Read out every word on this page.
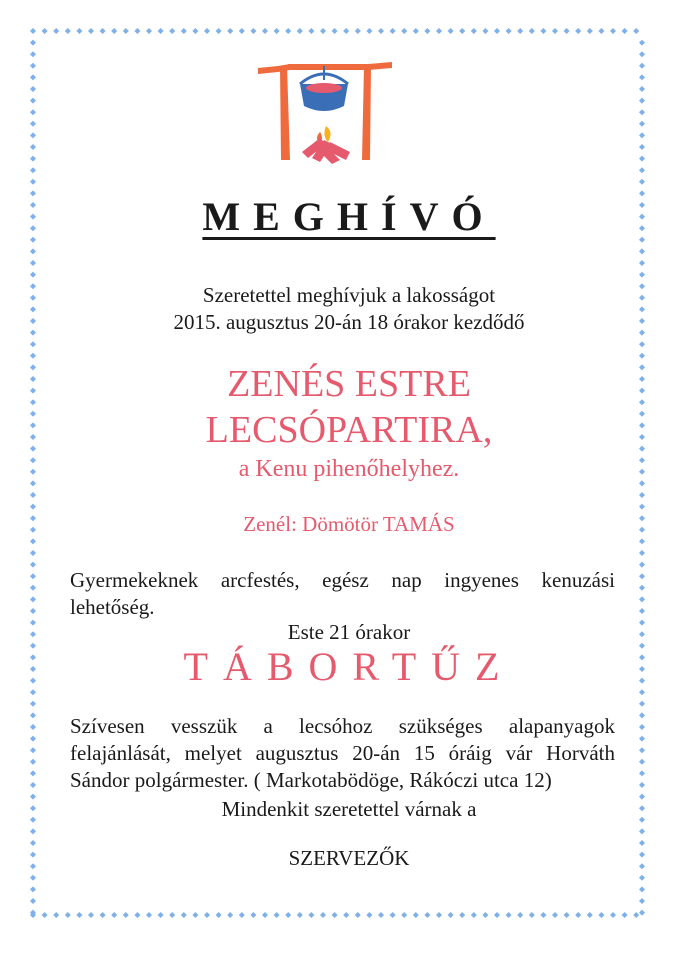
MEGHÍVÓ
Szeretettel meghívjuk a lakosságot
2015. augusztus 20-án 18 órakor kezdődő
ZENÉS ESTRE
LECSÓPARTIRA,
a Kenu pihenőhelyhez.
Zenél: Dömötör TAMÁS
Gyermekeknek arcfestés, egész nap ingyenes kenuzási lehetőség.
Este 21 órakor
TÁBORTŰZ
Szívesen vesszük a lecsóhoz szükséges alapanyagok felajánlását, melyet augusztus 20-án 15 óráig vár Horváth Sándor polgármester. ( Markotabödöge, Rákóczi utca 12)
Mindenkit szeretettel várnak a
SZERVEZŐK
